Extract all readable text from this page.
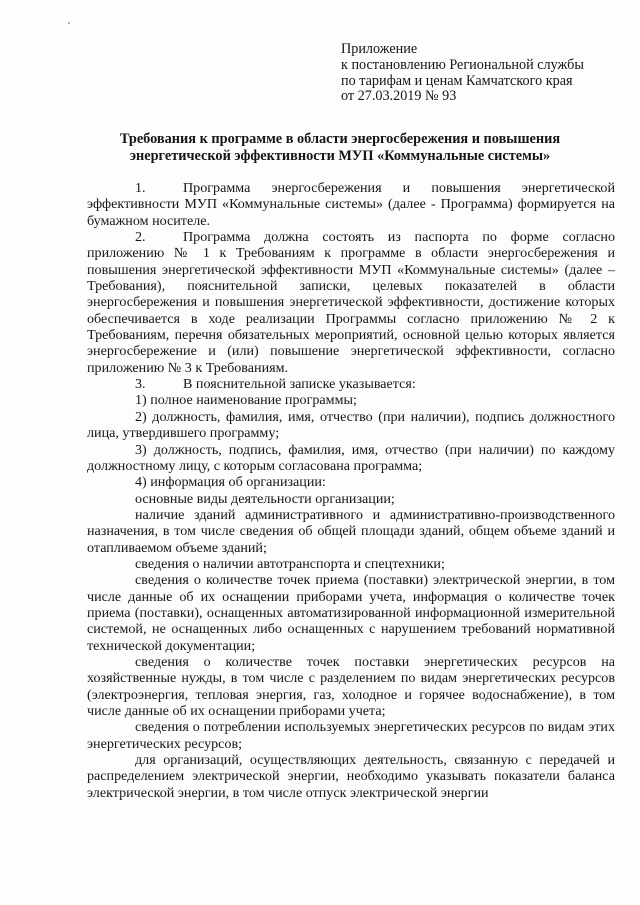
Приложение
к постановлению Региональной службы
по тарифам и ценам Камчатского края
от 27.03.2019 № 93
Требования к программе в области энергосбережения и повышения
энергетической эффективности МУП «Коммунальные системы»

1.	Программа энергосбережения и повышения энергетической эффективности МУП «Коммунальные системы» (далее - Программа) формируется на бумажном носителе.

2.	Программа должна состоять из паспорта по форме согласно приложению № 1 к Требованиям к программе в области энергосбережения и повышения энергетической эффективности МУП «Коммунальные системы» (далее – Требования), пояснительной записки, целевых показателей в области энергосбережения и повышения энергетической эффективности, достижение которых обеспечивается в ходе реализации Программы согласно приложению № 2 к Требованиям, перечня обязательных мероприятий, основной целью которых является энергосбережение и (или) повышение энергетической эффективности, согласно приложению № 3 к Требованиям.

3.	В пояснительной записке указывается:

1) полное наименование программы;

2) должность, фамилия, имя, отчество (при наличии), подпись должностного лица, утвердившего программу;

3) должность, подпись, фамилия, имя, отчество (при наличии) по каждому должностному лицу, с которым согласована программа;

4) информация об организации:

основные виды деятельности организации;

наличие зданий административного и административно-производственного назначения, в том числе сведения об общей площади зданий, общем объеме зданий и отапливаемом объеме зданий;

сведения о наличии автотранспорта и спецтехники;

сведения о количестве точек приема (поставки) электрической энергии, в том числе данные об их оснащении приборами учета, информация о количестве точек приема (поставки), оснащенных автоматизированной информационной измерительной системой, не оснащенных либо оснащенных с нарушением требований нормативной технической документации;

сведения о количестве точек поставки энергетических ресурсов на хозяйственные нужды, в том числе с разделением по видам энергетических ресурсов (электроэнергия, тепловая энергия, газ, холодное и горячее водоснабжение), в том числе данные об их оснащении приборами учета;

сведения о потреблении используемых энергетических ресурсов по видам этих энергетических ресурсов;

для организаций, осуществляющих деятельность, связанную с передачей и распределением электрической энергии, необходимо указывать показатели баланса электрической энергии, в том числе отпуск электрической энергии
